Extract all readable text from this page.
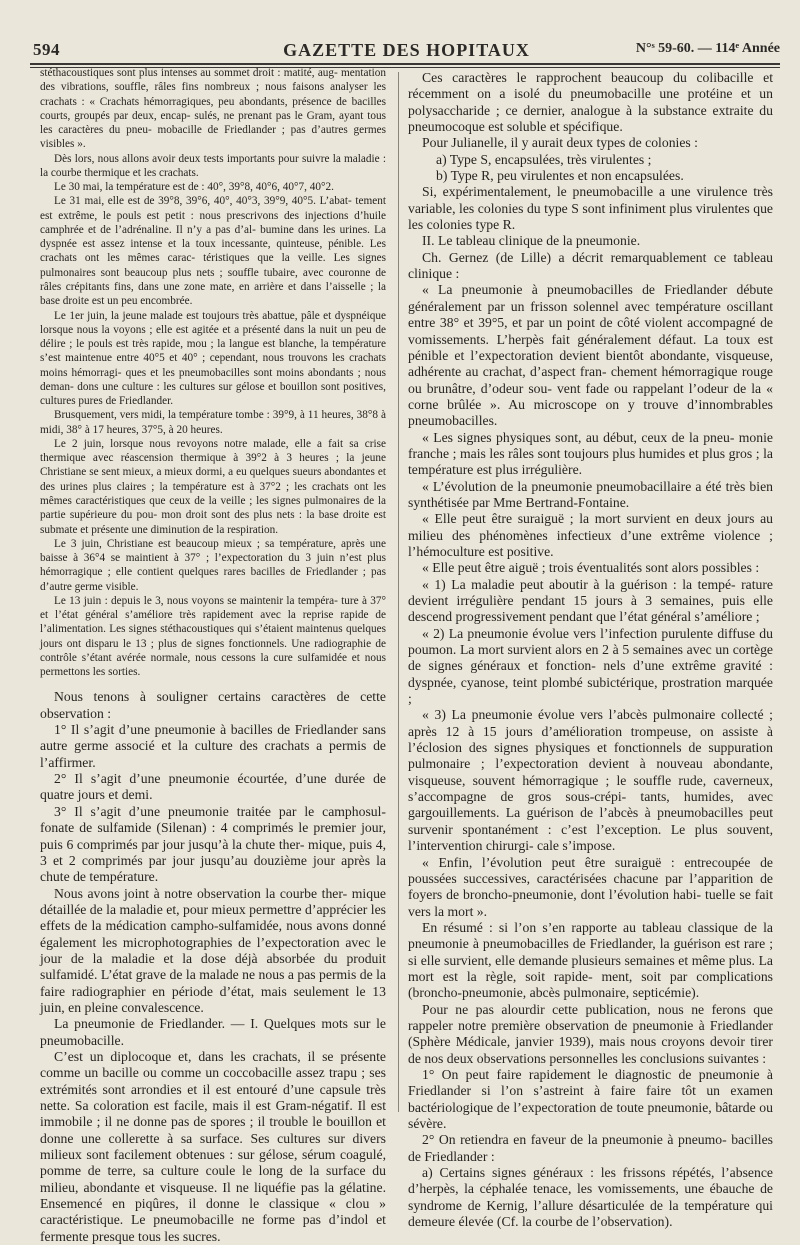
594	GAZETTE DES HOPITAUX	N°ˢ 59-60. — 114ᵉ Année

stéthacoustiques sont plus intenses au sommet droit : matité, aug- mentation des vibrations, souffle, râles fins nombreux ; nous faisons analyser les crachats : « Crachats hémorragiques, peu abondants, présence de bacilles courts, groupés par deux, encap- sulés, ne prenant pas le Gram, ayant tous les caractères du pneu- mobacille de Friedlander ; pas d’autres germes visibles ».

Dès lors, nous allons avoir deux tests importants pour suivre la maladie : la courbe thermique et les crachats.

Le 30 mai, la température est de : 40°, 39°8, 40°6, 40°7, 40°2.

Le 31 mai, elle est de 39°8, 39°6, 40°, 40°3, 39°9, 40°5. L’abat- tement est extrême, le pouls est petit : nous prescrivons des injections d’huile camphrée et de l’adrénaline. Il n’y a pas d’al- bumine dans les urines. La dyspnée est assez intense et la toux incessante, quinteuse, pénible. Les crachats ont les mêmes carac- téristiques que la veille. Les signes pulmonaires sont beaucoup plus nets ; souffle tubaire, avec couronne de râles crépitants fins, dans une zone mate, en arrière et dans l’aisselle ; la base droite est un peu encombrée.

Le 1er juin, la jeune malade est toujours très abattue, pâle et dyspnéique lorsque nous la voyons ; elle est agitée et a présenté dans la nuit un peu de délire ; le pouls est très rapide, mou ; la langue est blanche, la température s’est maintenue entre 40°5 et 40° ; cependant, nous trouvons les crachats moins hémorragi- ques et les pneumobacilles sont moins abondants ; nous deman- dons une culture : les cultures sur gélose et bouillon sont positives, cultures pures de Friedlander.

Brusquement, vers midi, la température tombe : 39°9, à 11 heures, 38°8 à midi, 38° à 17 heures, 37°5, à 20 heures.

Le 2 juin, lorsque nous revoyons notre malade, elle a fait sa crise thermique avec réascension thermique à 39°2 à 3 heures ; la jeune Christiane se sent mieux, a mieux dormi, a eu quelques sueurs abondantes et des urines plus claires ; la température est à 37°2 ; les crachats ont les mêmes caractéristiques que ceux de la veille ; les signes pulmonaires de la partie supérieure du pou- mon droit sont des plus nets : la base droite est submate et présente une diminution de la respiration.

Le 3 juin, Christiane est beaucoup mieux ; sa température, après une baisse à 36°4 se maintient à 37° ; l’expectoration du 3 juin n’est plus hémorragique ; elle contient quelques rares bacilles de Friedlander ; pas d’autre germe visible.

Le 13 juin : depuis le 3, nous voyons se maintenir la tempéra- ture à 37° et l’état général s’améliore très rapidement avec la reprise rapide de l’alimentation. Les signes stéthacoustiques qui s’étaient maintenus quelques jours ont disparu le 13 ; plus de signes fonctionnels. Une radiographie de contrôle s’étant avérée normale, nous cessons la cure sulfamidée et nous permettons les sorties.

Nous tenons à souligner certains caractères de cette observation :

1° Il s’agit d’une pneumonie à bacilles de Friedlander sans autre germe associé et la culture des crachats a permis de l’affirmer.

2° Il s’agit d’une pneumonie écourtée, d’une durée de quatre jours et demi.

3° Il s’agit d’une pneumonie traitée par le camphosul- fonate de sulfamide (Silenan) : 4 comprimés le premier jour, puis 6 comprimés par jour jusqu’à la chute ther- mique, puis 4, 3 et 2 comprimés par jour jusqu’au douzième jour après la chute de température.

Nous avons joint à notre observation la courbe ther- mique détaillée de la maladie et, pour mieux permettre d’apprécier les effets de la médication campho-sulfamidée, nous avons donné également les microphotographies de l’expectoration avec le jour de la maladie et la dose déjà absorbée du produit sulfamidé. L’état grave de la malade ne nous a pas permis de la faire radiographier en période d’état, mais seulement le 13 juin, en pleine convalescence.

La pneumonie de Friedlander. — I. Quelques mots sur le pneumobacille.

C’est un diplocoque et, dans les crachats, il se présente comme un bacille ou comme un coccobacille assez trapu ; ses extrémités sont arrondies et il est entouré d’une capsule très nette. Sa coloration est facile, mais il est Gram-négatif. Il est immobile ; il ne donne pas de spores ; il trouble le bouillon et donne une collerette à sa surface. Ses cultures sur divers milieux sont facilement obtenues : sur gélose, sérum coagulé, pomme de terre, sa culture coule le long de la surface du milieu, abondante et visqueuse. Il ne liquéfie pas la gélatine. Ensemencé en piqûres, il donne le classique « clou » caractéristique. Le pneumobacille ne forme pas d’indol et fermente presque tous les sucres.

Ces caractères le rapprochent beaucoup du colibacille et récemment on a isolé du pneumobacille une protéine et un polysaccharide ; ce dernier, analogue à la substance extraite du pneumocoque est soluble et spécifique.

Pour Julianelle, il y aurait deux types de colonies :

a) Type S, encapsulées, très virulentes ;

b) Type R, peu virulentes et non encapsulées.

Si, expérimentalement, le pneumobacille a une virulence très variable, les colonies du type S sont infiniment plus virulentes que les colonies type R.

II. Le tableau clinique de la pneumonie.

Ch. Gernez (de Lille) a décrit remarquablement ce tableau clinique :

« La pneumonie à pneumobacilles de Friedlander débute généralement par un frisson solennel avec température oscillant entre 38° et 39°5, et par un point de côté violent accompagné de vomissements. L’herpès fait généralement défaut. La toux est pénible et l’expectoration devient bientôt abondante, visqueuse, adhérente au crachat, d’aspect fran- chement hémorragique rouge ou brunâtre, d’odeur sou- vent fade ou rappelant l’odeur de la « corne brûlée ». Au microscope on y trouve d’innombrables pneumobacilles.

« Les signes physiques sont, au début, ceux de la pneu- monie franche ; mais les râles sont toujours plus humides et plus gros ; la température est plus irrégulière.

« L’évolution de la pneumonie pneumobacillaire a été très bien synthétisée par Mme Bertrand-Fontaine.

« Elle peut être suraiguë ; la mort survient en deux jours au milieu des phénomènes infectieux d’une extrême violence ; l’hémoculture est positive.

« Elle peut être aiguë ; trois éventualités sont alors possibles :

« 1) La maladie peut aboutir à la guérison : la tempé- rature devient irrégulière pendant 15 jours à 3 semaines, puis elle descend progressivement pendant que l’état général s’améliore ;

« 2) La pneumonie évolue vers l’infection purulente diffuse du poumon. La mort survient alors en 2 à 5 semaines avec un cortège de signes généraux et fonction- nels d’une extrême gravité : dyspnée, cyanose, teint plombé subictérique, prostration marquée ;

« 3) La pneumonie évolue vers l’abcès pulmonaire collecté ; après 12 à 15 jours d’amélioration trompeuse, on assiste à l’éclosion des signes physiques et fonctionnels de suppuration pulmonaire ; l’expectoration devient à nouveau abondante, visqueuse, souvent hémorragique ; le souffle rude, caverneux, s’accompagne de gros sous-crépi- tants, humides, avec gargouillements. La guérison de l’abcès à pneumobacilles peut survenir spontanément : c’est l’exception. Le plus souvent, l’intervention chirurgi- cale s’impose.

« Enfin, l’évolution peut être suraiguë : entrecoupée de poussées successives, caractérisées chacune par l’apparition de foyers de broncho-pneumonie, dont l’évolution habi- tuelle se fait vers la mort ».

En résumé : si l’on s’en rapporte au tableau classique de la pneumonie à pneumobacilles de Friedlander, la guérison est rare ; si elle survient, elle demande plusieurs semaines et même plus. La mort est la règle, soit rapide- ment, soit par complications (broncho-pneumonie, abcès pulmonaire, septicémie).

Pour ne pas alourdir cette publication, nous ne ferons que rappeler notre première observation de pneumonie à Friedlander (Sphère Médicale, janvier 1939), mais nous croyons devoir tirer de nos deux observations personnelles les conclusions suivantes :

1° On peut faire rapidement le diagnostic de pneumonie à Friedlander si l’on s’astreint à faire faire tôt un examen bactériologique de l’expectoration de toute pneumonie, bâtarde ou sévère.

2° On retiendra en faveur de la pneumonie à pneumo- bacilles de Friedlander :

a) Certains signes généraux : les frissons répétés, l’absence d’herpès, la céphalée tenace, les vomissements, une ébauche de syndrome de Kernig, l’allure désarticulée de la température qui demeure élevée (Cf. la courbe de l’observation).
